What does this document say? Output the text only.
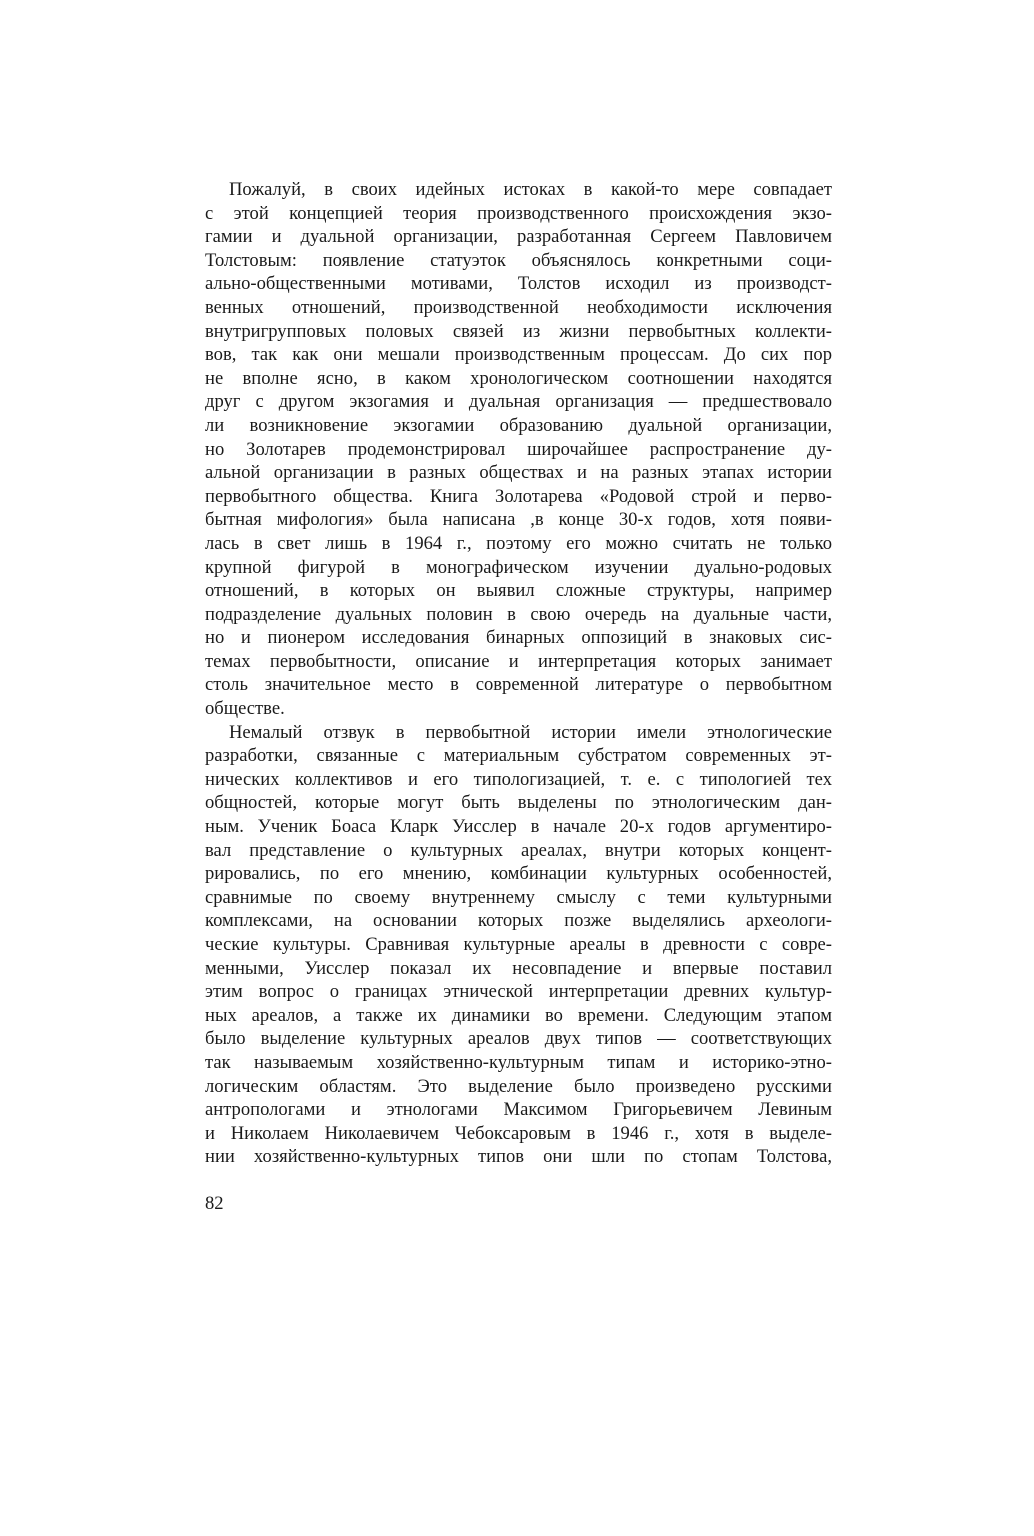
Пожалуй, в своих идейных истоках в какой-то мере совпадает
с этой концепцией теория производственного происхождения экзо-
гамии и дуальной организации, разработанная Сергеем Павловичем
Толстовым: появление статуэток объяснялось конкретными соци-
ально-общественными мотивами, Толстов исходил из производст-
венных отношений, производственной необходимости исключения
внутригрупповых половых связей из жизни первобытных коллекти-
вов, так как они мешали производственным процессам. До сих пор
не вполне ясно, в каком хронологическом соотношении находятся
друг с другом экзогамия и дуальная организация — предшествовало
ли возникновение экзогамии образованию дуальной организации,
но Золотарев продемонстрировал широчайшее распространение ду-
альной организации в разных обществах и на разных этапах истории
первобытного общества. Книга Золотарева «Родовой строй и перво-
бытная мифология» была написана ,в конце 30-х годов, хотя появи-
лась в свет лишь в 1964 г., поэтому его можно считать не только
крупной фигурой в монографическом изучении дуально-родовых
отношений, в которых он выявил сложные структуры, например
подразделение дуальных половин в свою очередь на дуальные части,
но и пионером исследования бинарных оппозиций в знаковых сис-
темах первобытности, описание и интерпретация которых занимает
столь значительное место в современной литературе о первобытном
обществе.
Немалый отзвук в первобытной истории имели этнологические
разработки, связанные с материальным субстратом современных эт-
нических коллективов и его типологизацией, т. е. с типологией тех
общностей, которые могут быть выделены по этнологическим дан-
ным. Ученик Боаса Кларк Уисслер в начале 20-х годов аргументиро-
вал представление о культурных ареалах, внутри которых концент-
рировались, по его мнению, комбинации культурных особенностей,
сравнимые по своему внутреннему смыслу с теми культурными
комплексами, на основании которых позже выделялись археологи-
ческие культуры. Сравнивая культурные ареалы в древности с совре-
менными, Уисслер показал их несовпадение и впервые поставил
этим вопрос о границах этнической интерпретации древних культур-
ных ареалов, а также их динамики во времени. Следующим этапом
было выделение культурных ареалов двух типов — соответствующих
так называемым хозяйственно-культурным типам и историко-этно-
логическим областям. Это выделение было произведено русскими
антропологами и этнологами Максимом Григорьевичем Левиным
и Николаем Николаевичем Чебоксаровым в 1946 г., хотя в выделе-
нии хозяйственно-культурных типов они шли по стопам Толстова,
82
